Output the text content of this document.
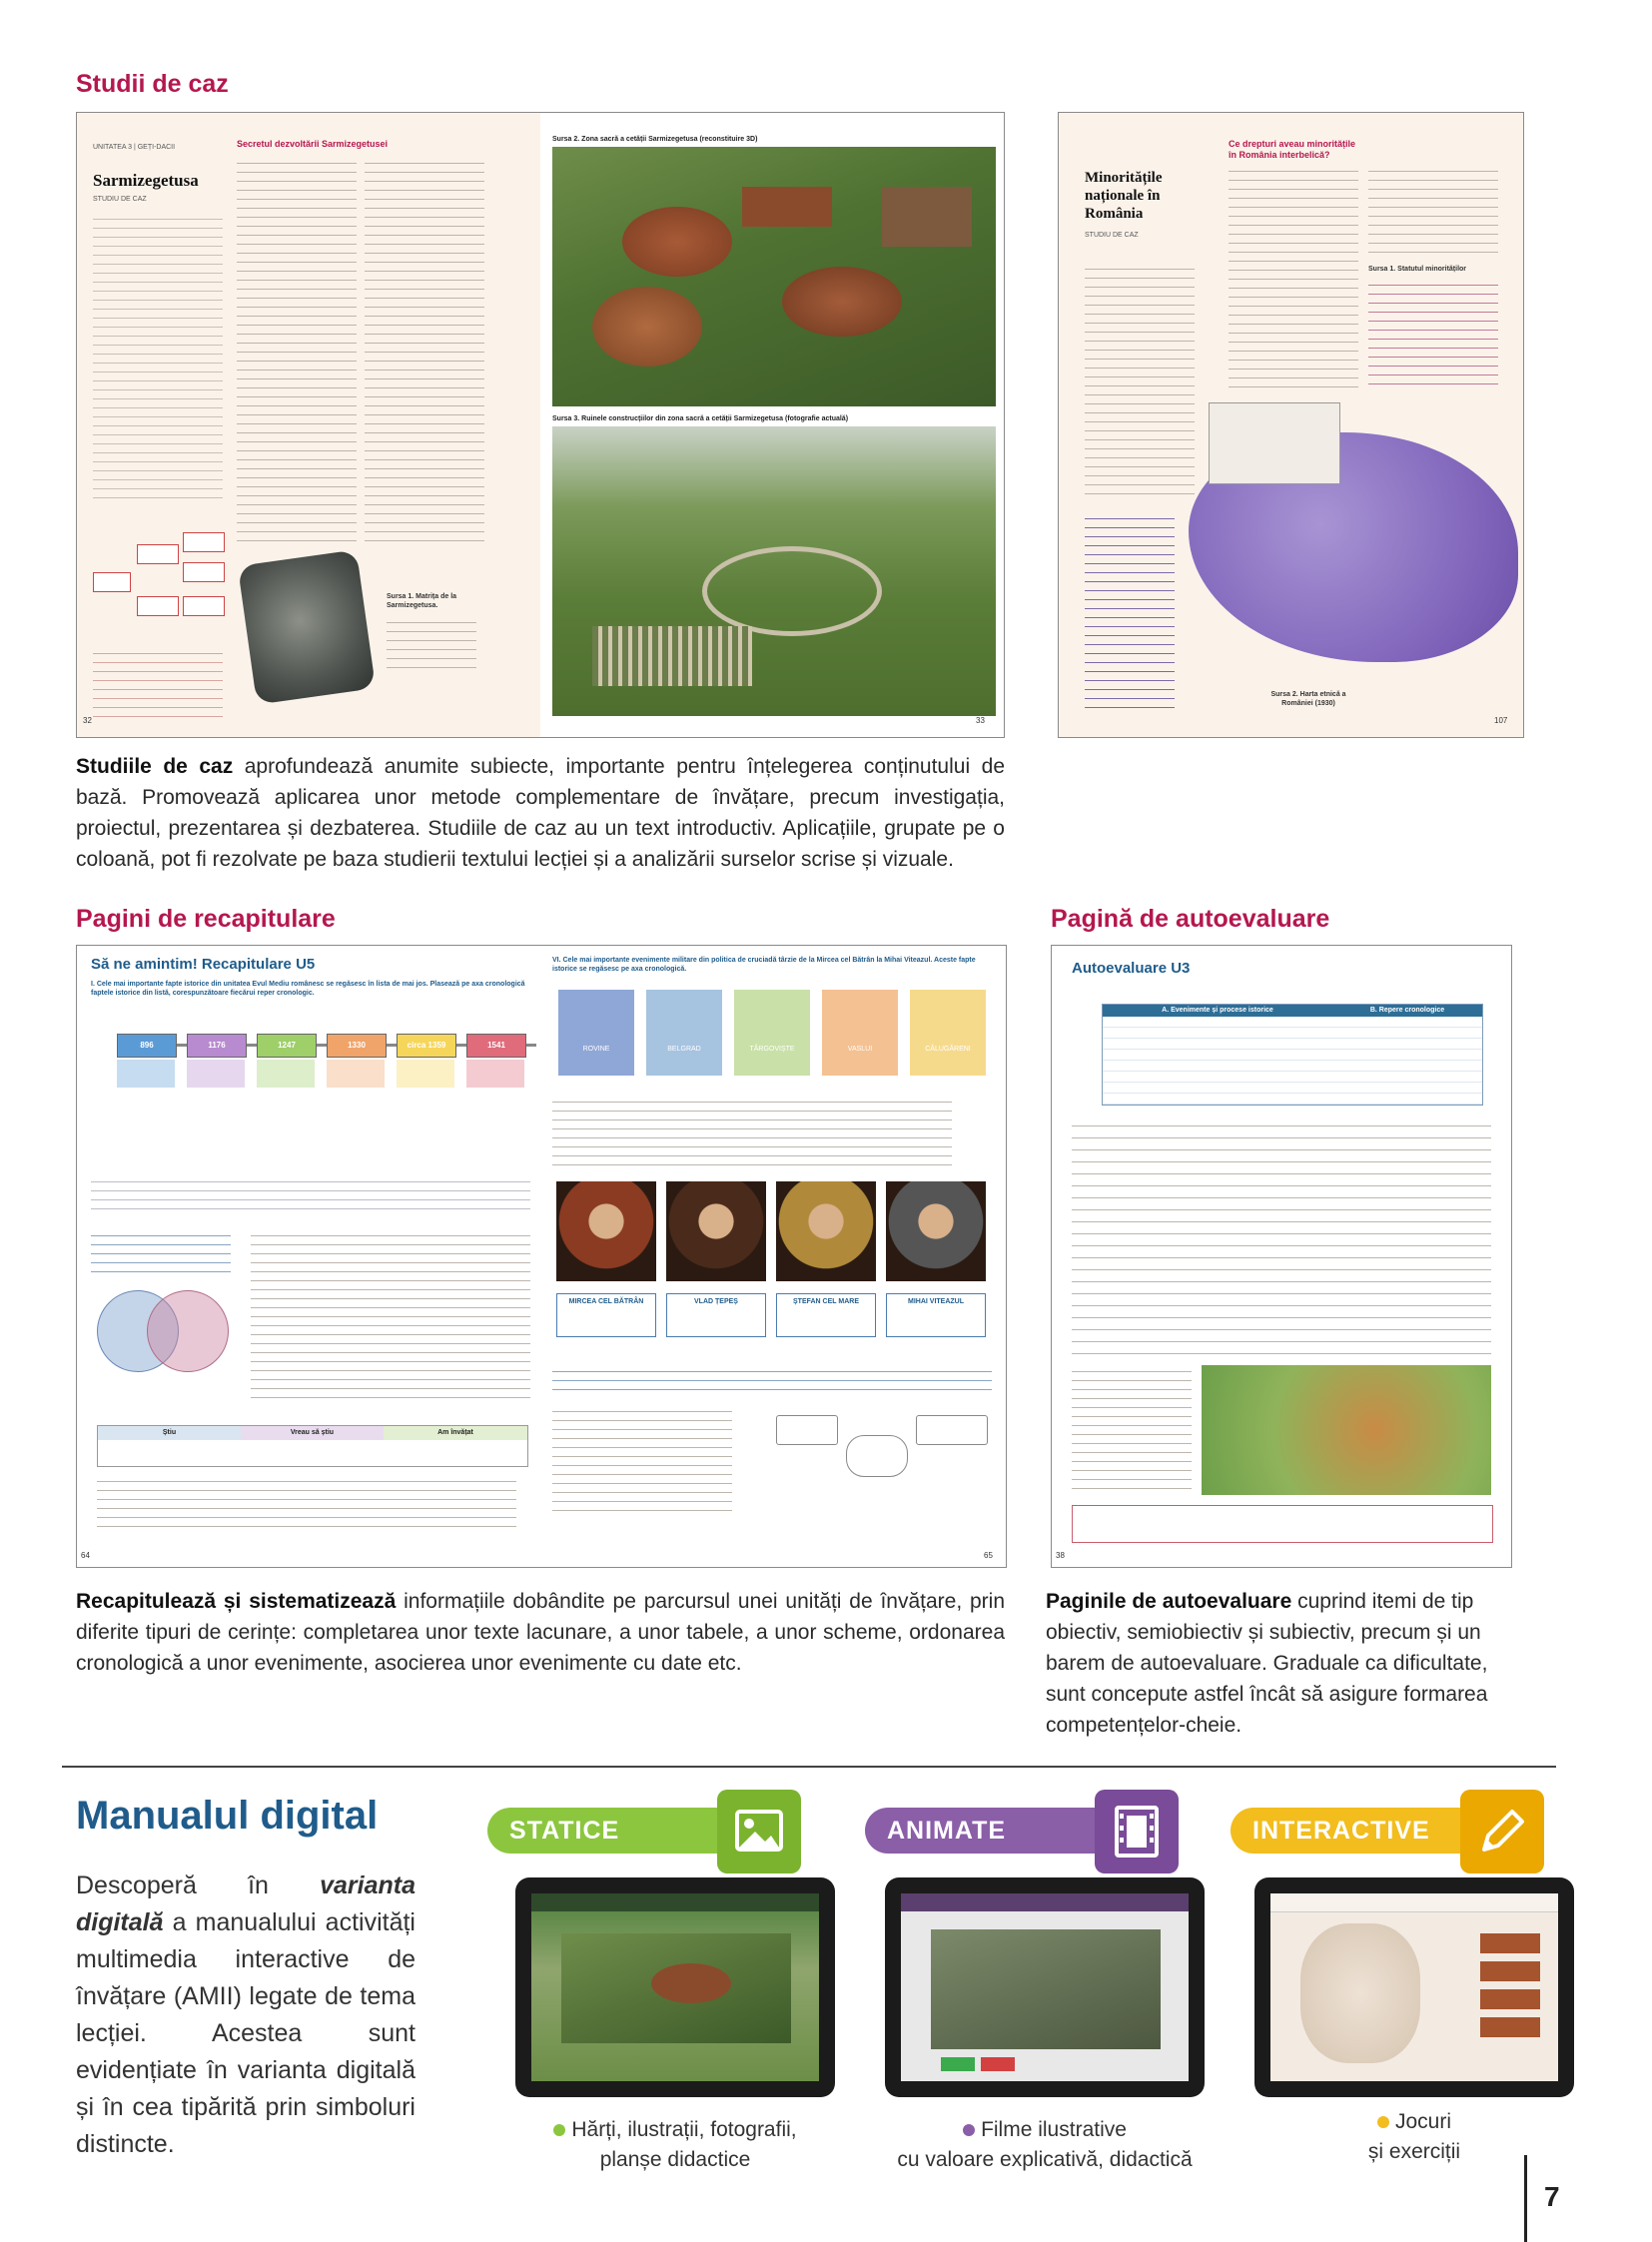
Studii de caz
UNITATEA 3 | GEȚI-DACII
Sarmizegetusa
STUDIU DE CAZ
Secretul dezvoltării Sarmizegetusei
Sursa 1. Matrița de la Sarmizegetusa.
32
Sursa 2. Zona sacră a cetății Sarmizegetusa (reconstituire 3D)
Sursa 3. Ruinele construcțiilor din zona sacră a cetății Sarmizegetusa (fotografie actuală)
33
Minoritățile naționale în România
STUDIU DE CAZ
Ce drepturi aveau minoritățile în România interbelică?
Sursa 1. Statutul minorităților
Sursa 2. Harta etnică a României (1930)
107
Studiile de caz aprofundează anumite subiecte, importante pentru înțelegerea conținutului de bază. Promovează aplicarea unor metode complementare de învățare, precum investigația, proiectul, prezentarea și dezbaterea. Studiile de caz au un text introductiv. Aplicațiile, grupate pe o coloană, pot fi rezolvate pe baza studierii textului lecției și a analizării surselor scrise și vizuale.
Pagini de recapitulare	Pagină de autoevaluare
Să ne amintim! Recapitulare U5
I. Cele mai importante fapte istorice din unitatea Evul Mediu românesc se regăsesc în lista de mai jos. Plasează pe axa cronologică faptele istorice din listă, corespunzătoare fiecărui reper cronologic.
896	1176	1247	1330	circa 1359	1541
Știu	Vreau să știu	Am învățat
64
VI. Cele mai importante evenimente militare din politica de cruciadă târzie de la Mircea cel Bătrân la Mihai Viteazul. Aceste fapte istorice se regăsesc pe axa cronologică.
ROVINE	BELGRAD	TÂRGOVIȘTE	VASLUI	CĂLUGĂRENI
MIRCEA CEL BĂTRÂN	VLAD ȚEPEȘ	ȘTEFAN CEL MARE	MIHAI VITEAZUL
65
Autoevaluare U3
A. Evenimente și procese istorice	B. Repere cronologice
38
Recapitulează și sistematizează informațiile dobândite pe parcursul unei unități de învățare, prin diferite tipuri de cerințe: completarea unor texte lacunare, a unor tabele, a unor scheme, ordonarea cronologică a unor evenimente, asocierea unor evenimente cu date etc.
Paginile de autoevaluare cuprind itemi de tip obiectiv, semiobiectiv și subiectiv, precum și un barem de autoevaluare. Graduale ca dificultate, sunt concepute astfel încât să asigure formarea competențelor-cheie.
Manualul digital
Descoperă în varianta digitală a manualului activități multimedia interactive de învățare (AMII) legate de tema lecției. Acestea sunt evidențiate în varianta digitală și în cea tipărită prin simboluri distincte.
STATICE	ANIMATE	INTERACTIVE
Hărți, ilustrații, fotografii,
planșe didactice
Filme ilustrative
cu valoare explicativă, didactică
Jocuri
și exerciții
7
